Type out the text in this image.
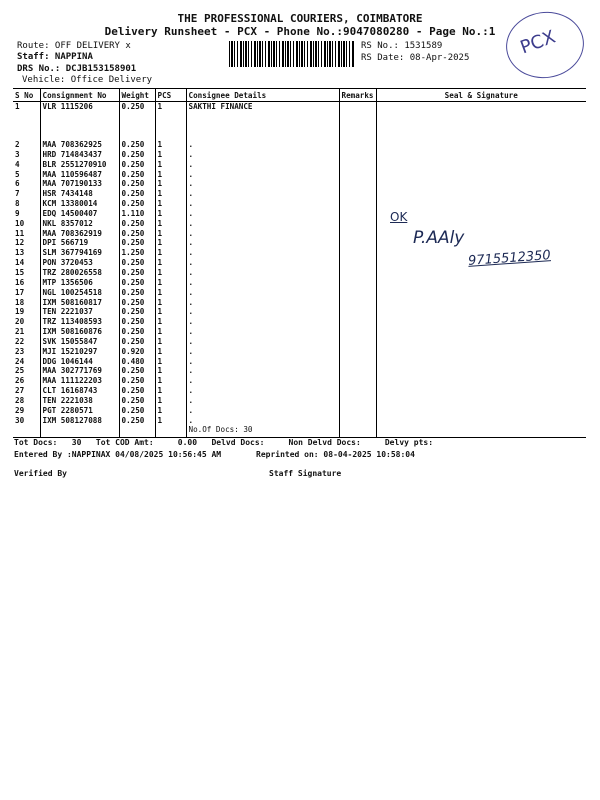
THE PROFESSIONAL COURIERS, COIMBATORE
Delivery Runsheet - PCX - Phone No.:9047080280 - Page No.:1
Route: OFF DELIVERY x
Staff: NAPPINA
DRS No.: DCJB153158901
Vehicle: Office Delivery
RS No.: 1531589
RS Date: 08-Apr-2025	PCX
S No	Consignment No	Weight	PCS	Consignee Details	Remarks	Seal & Signature
1	VLR 1115206	0.250	1	SAKTHI FINANCE		
2	MAA 708362925	0.250	1	.		
3	HRD 714843437	0.250	1	.		
4	BLR 2551270910	0.250	1	.		
5	MAA 110596487	0.250	1	.		
6	MAA 707190133	0.250	1	.		
7	HSR 7434148	0.250	1	.		
8	KCM 13380014	0.250	1	.		
9	EDQ 14500407	1.110	1	.		
10	NKL 8357012	0.250	1	.		
11	MAA 708362919	0.250	1	.		
12	DPI 566719	0.250	1	.		
13	SLM 367794169	1.250	1	.		
14	PON 3720453	0.250	1	.		
15	TRZ 280026558	0.250	1	.		
16	MTP 1356506	0.250	1	.		
17	NGL 100254518	0.250	1	.		
18	IXM 508160817	0.250	1	.		
19	TEN 2221037	0.250	1	.		
20	TRZ 113408593	0.250	1	.		
21	IXM 508160876	0.250	1	.		
22	SVK 15055847	0.250	1	.		
23	MJI 15210297	0.920	1	.		
24	DDG 1046144	0.480	1	.		
25	MAA 302771769	0.250	1	.		
26	MAA 111122203	0.250	1	.		
27	CLT 16168743	0.250	1	.		
28	TEN 2221038	0.250	1	.		
29	PGT 2280571	0.250	1	.		
30	IXM 508127088	0.250	1	.		
				No.Of Docs: 30		
OK
P.AAly
9715512350
Tot Docs:   30   Tot COD Amt:     0.00   Delvd Docs:     Non Delvd Docs:     Delvy pts:
Entered By :NAPPINAX 04/08/2025 10:56:45 AM	Reprinted on: 08-04-2025 10:58:04
Verified By	Staff Signature
